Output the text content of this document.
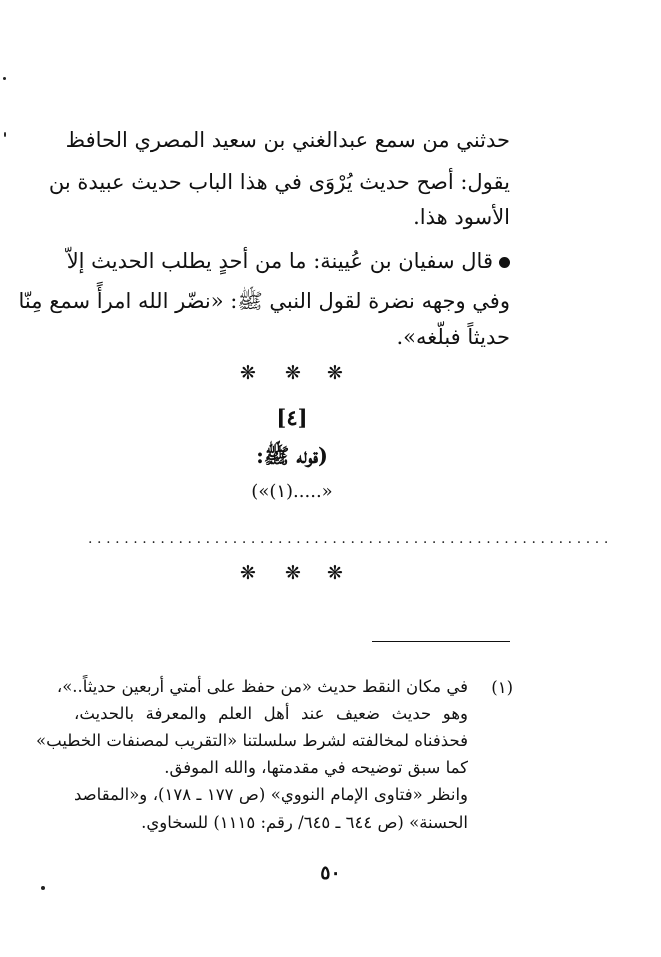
حدثني من سمع عبدالغني بن سعيد المصري الحافظ
يقول: أصح حديث يُرْوَى في هذا الباب حديث عبيدة بن
الأسود هذا.
قال سفيان بن عُيينة: ما من أحدٍ يطلب الحديث إلاّ
وفي وجهه نضرة لقول النبي ﷺ: «نضّر الله امرأً سمع مِنّا
حديثاً فبلّغه».
❋ ❋ ❋
[٤]
(قوله ﷺ:
«.....(١)»)
..........................................................
❋ ❋ ❋
(١)
في مكان النقط حديث «من حفظ على أمتي أربعين حديثاً..»،
وهو حديث ضعيف عند أهل العلم والمعرفة بالحديث،
فحذفناه لمخالفته لشرط سلسلتنا «التقريب لمصنفات الخطيب»
كما سبق توضيحه في مقدمتها، والله الموفق.
وانظر «فتاوى الإمام النووي» (ص ١٧٧ ـ ١٧٨)، و«المقاصد
الحسنة» (ص ٦٤٤ ـ ٦٤٥/ رقم: ١١١٥) للسخاوي.
٥٠
